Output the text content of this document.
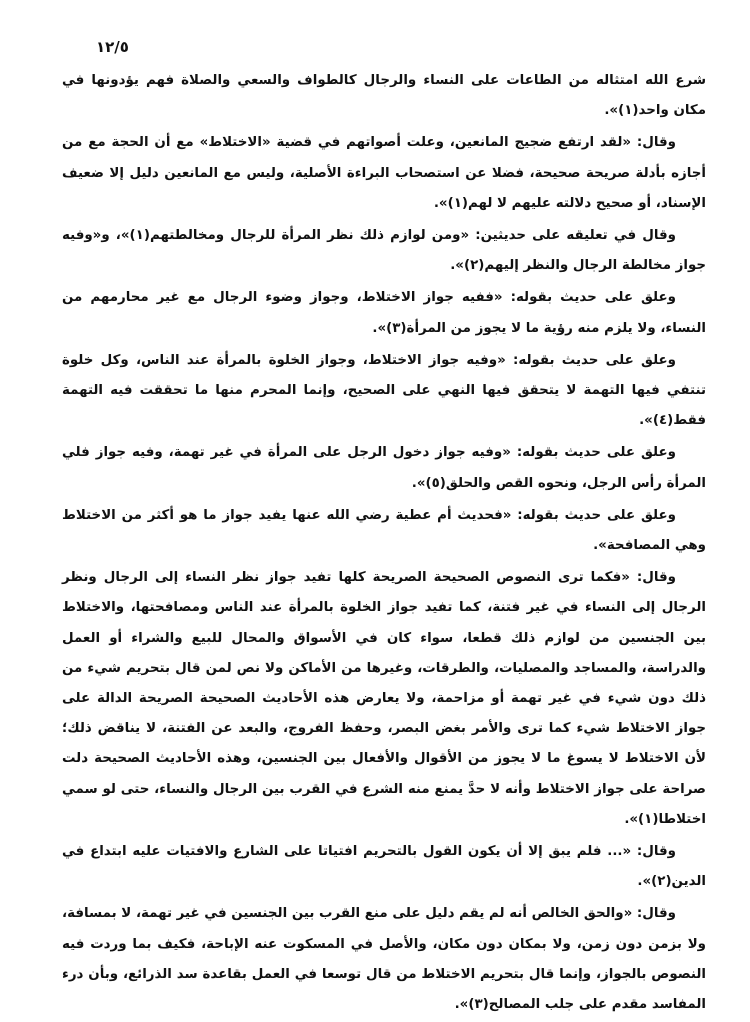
١٢/٥

شرع الله امتثاله من الطاعات على النساء والرجال كالطواف والسعي والصلاة فهم يؤدونها في مكان واحد(١)».

وقال: «لقد ارتفع ضجيج المانعين، وعلت أصواتهم في قضية «الاختلاط» مع أن الحجة مع من أجازه بأدلة صريحة صحيحة، فضلا عن استصحاب البراءة الأصلية، وليس مع المانعين دليل إلا ضعيف الإسناد، أو صحيح دلالته عليهم لا لهم(١)».

وقال في تعليقه على حديثين: «ومن لوازم ذلك نظر المرأة للرجال ومخالطتهم(١)»، و«وفيه جواز مخالطة الرجال والنظر إليهم(٢)».

وعلق على حديث بقوله: «ففيه جواز الاختلاط، وجواز وضوء الرجال مع غير محارمهم من النساء، ولا يلزم منه رؤية ما لا يجوز من المرأة(٣)».

وعلق على حديث بقوله: «وفيه جواز الاختلاط، وجواز الخلوة بالمرأة عند الناس، وكل خلوة تنتفي فيها التهمة لا يتحقق فيها النهي على الصحيح، وإنما المحرم منها ما تحققت فيه التهمة فقط(٤)».

وعلق على حديث بقوله: «وفيه جواز دخول الرجل على المرأة في غير تهمة، وفيه جواز فلي المرأة رأس الرجل، ونحوه القص والحلق(٥)».

وعلق على حديث بقوله: «فحديث أم عطية رضي الله عنها يفيد جواز ما هو أكثر من الاختلاط وهي المصافحة».

وقال: «فكما ترى النصوص الصحيحة الصريحة كلها تفيد جواز نظر النساء إلى الرجال ونظر الرجال إلى النساء في غير فتنة، كما تفيد جواز الخلوة بالمرأة عند الناس ومصافحتها، والاختلاط بين الجنسين من لوازم ذلك قطعا، سواء كان في الأسواق والمحال للبيع والشراء أو العمل والدراسة، والمساجد والمصليات، والطرقات، وغيرها من الأماكن ولا نص لمن قال بتحريم شيء من ذلك دون شيء في غير تهمة أو مزاحمة، ولا يعارض هذه الأحاديث الصحيحة الصريحة الدالة على جواز الاختلاط شيء كما ترى والأمر بغض البصر، وحفظ الفروج، والبعد عن الفتنة، لا يناقض ذلك؛ لأن الاختلاط لا يسوغ ما لا يجوز من الأقوال والأفعال بين الجنسين، وهذه الأحاديث الصحيحة دلت صراحة على جواز الاختلاط وأنه لا حدَّ يمنع منه الشرع في القرب بين الرجال والنساء، حتى لو سمي اختلاطا(١)».

وقال: «... فلم يبق إلا أن يكون القول بالتحريم افتياتا على الشارع والافتيات عليه ابتداع في الدين(٢)».

وقال: «والحق الخالص أنه لم يقم دليل على منع القرب بين الجنسين في غير تهمة، لا بمسافة، ولا بزمن دون زمن، ولا بمكان دون مكان، والأصل في المسكوت عنه الإباحة، فكيف بما وردت فيه النصوص بالجواز، وإنما قال بتحريم الاختلاط من قال توسعا في العمل بقاعدة سد الذرائع، وبأن درء المفاسد مقدم على جلب المصالح(٣)».
